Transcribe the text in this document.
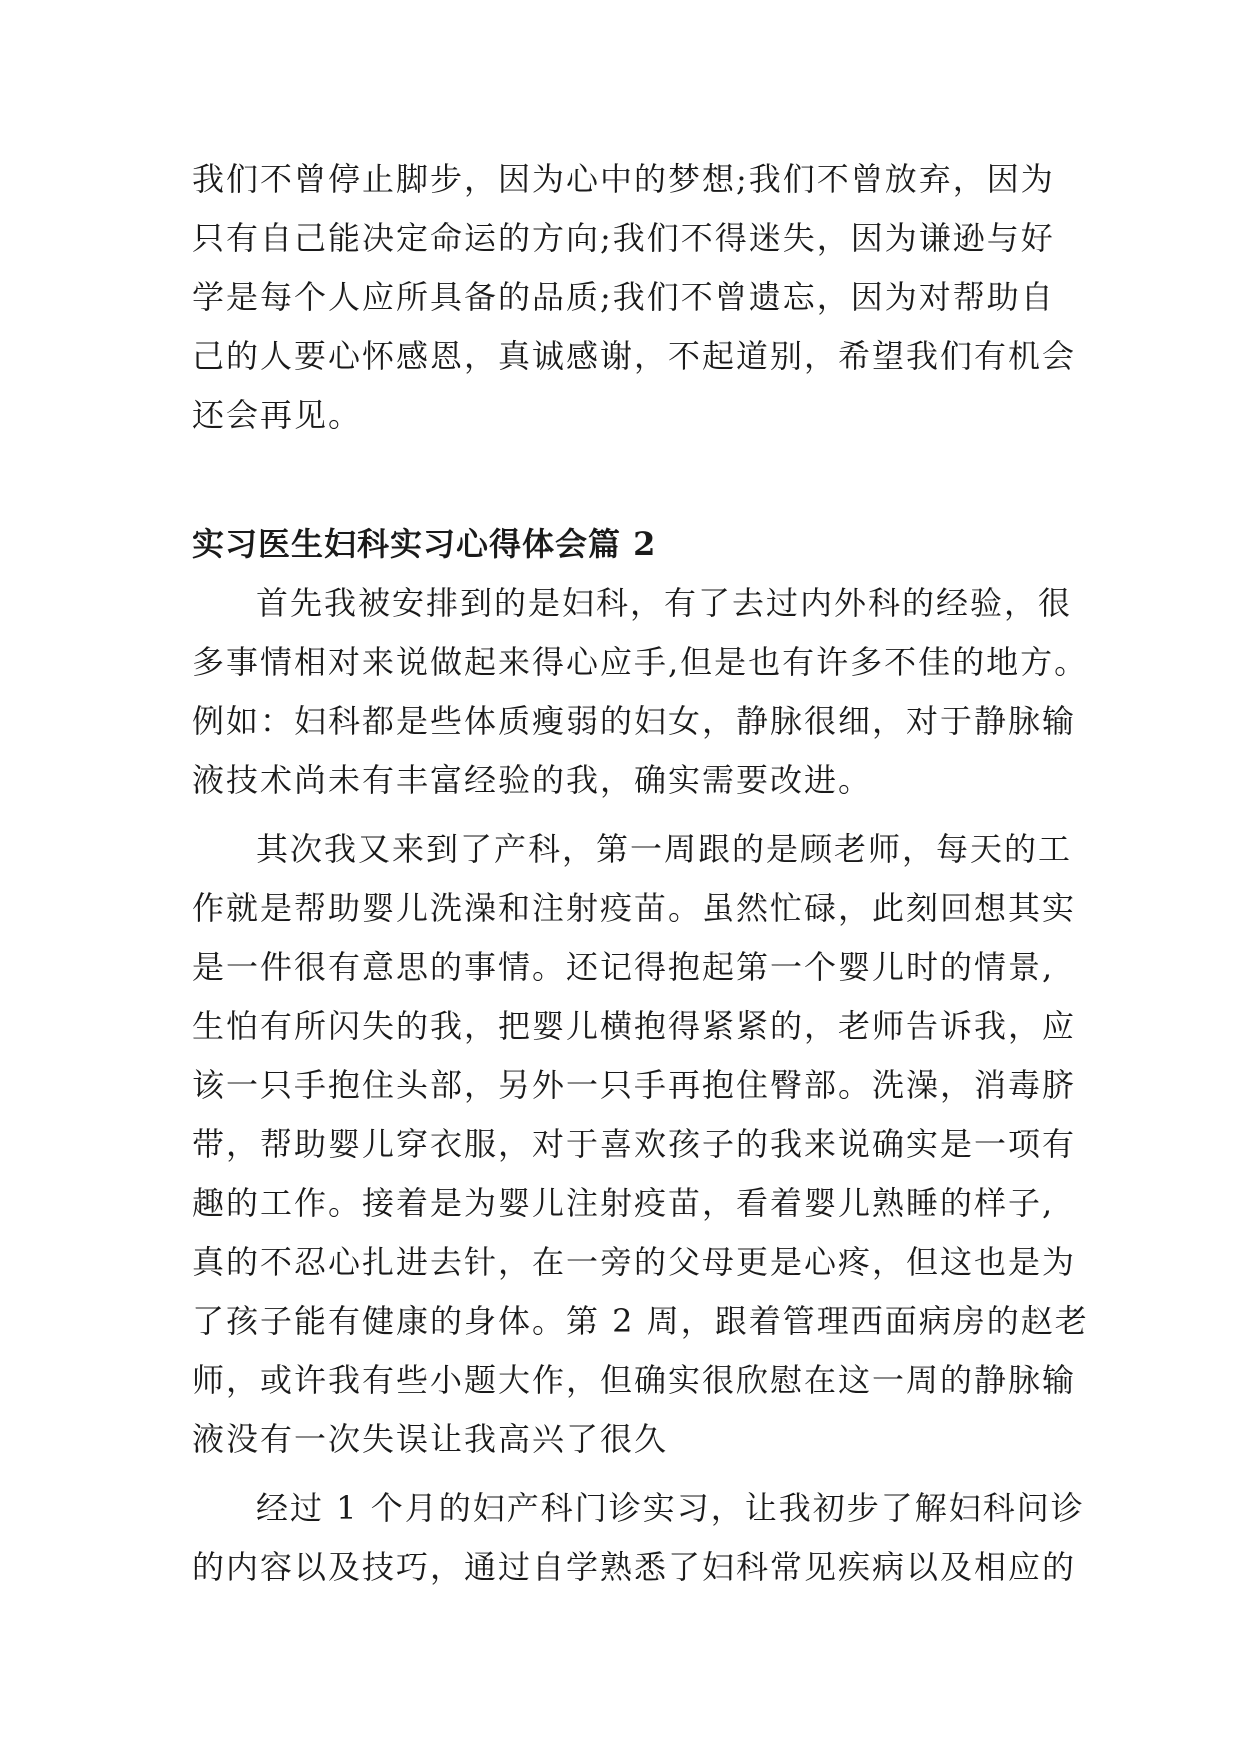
我们不曾停止脚步，因为心中的梦想;我们不曾放弃，因为

只有自己能决定命运的方向;我们不得迷失，因为谦逊与好

学是每个人应所具备的品质;我们不曾遗忘，因为对帮助自

己的人要心怀感恩，真诚感谢，不起道别，希望我们有机会

还会再见。

实习医生妇科实习心得体会篇 2

首先我被安排到的是妇科，有了去过内外科的经验，很

多事情相对来说做起来得心应手,但是也有许多不佳的地方。

例如：妇科都是些体质瘦弱的妇女，静脉很细，对于静脉输

液技术尚未有丰富经验的我，确实需要改进。

其次我又来到了产科，第一周跟的是顾老师，每天的工

作就是帮助婴儿洗澡和注射疫苗。虽然忙碌，此刻回想其实

是一件很有意思的事情。还记得抱起第一个婴儿时的情景,

生怕有所闪失的我，把婴儿横抱得紧紧的，老师告诉我，应

该一只手抱住头部，另外一只手再抱住臀部。洗澡，消毒脐

带，帮助婴儿穿衣服，对于喜欢孩子的我来说确实是一项有

趣的工作。接着是为婴儿注射疫苗，看着婴儿熟睡的样子,

真的不忍心扎进去针，在一旁的父母更是心疼，但这也是为

了孩子能有健康的身体。第 2 周，跟着管理西面病房的赵老

师，或许我有些小题大作，但确实很欣慰在这一周的静脉输

液没有一次失误让我高兴了很久

经过 1 个月的妇产科门诊实习，让我初步了解妇科问诊

的内容以及技巧，通过自学熟悉了妇科常见疾病以及相应的
